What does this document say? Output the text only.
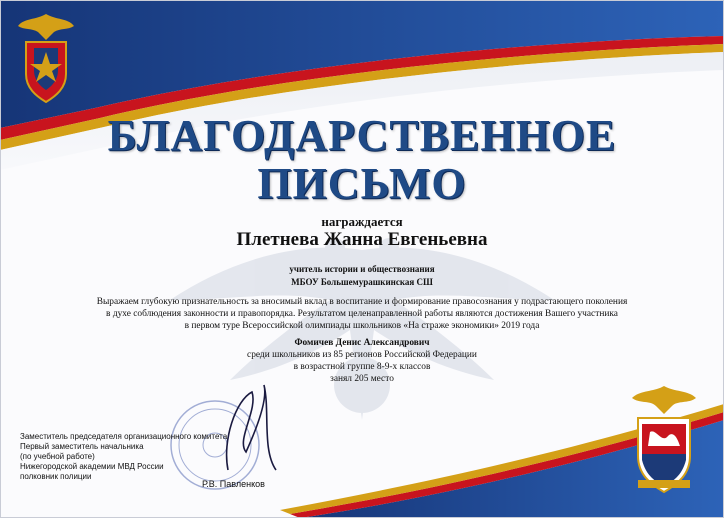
БЛАГОДАРСТВЕННОЕ
ПИСЬМО
награждается
Плетнева Жанна Евгеньевна
учитель истории и обществознания
МБОУ Большемурашкинская СШ
Выражаем глубокую признательность за вносимый вклад в воспитание и формирование правосознания у подрастающего поколения
в духе соблюдения законности и правопорядка. Результатом целенаправленной работы являются достижения Вашего участника
в первом туре Всероссийской олимпиады школьников «На страже экономики» 2019 года
Фомичев Денис Александрович
среди школьников из 85 регионов Российской Федерации
в возрастной группе 8-9-х классов
занял 205 место
Заместитель председателя организационного комитета
Первый заместитель начальника
(по учебной работе)
Нижегородской академии МВД России
полковник полиции
Р.В. Павленков
